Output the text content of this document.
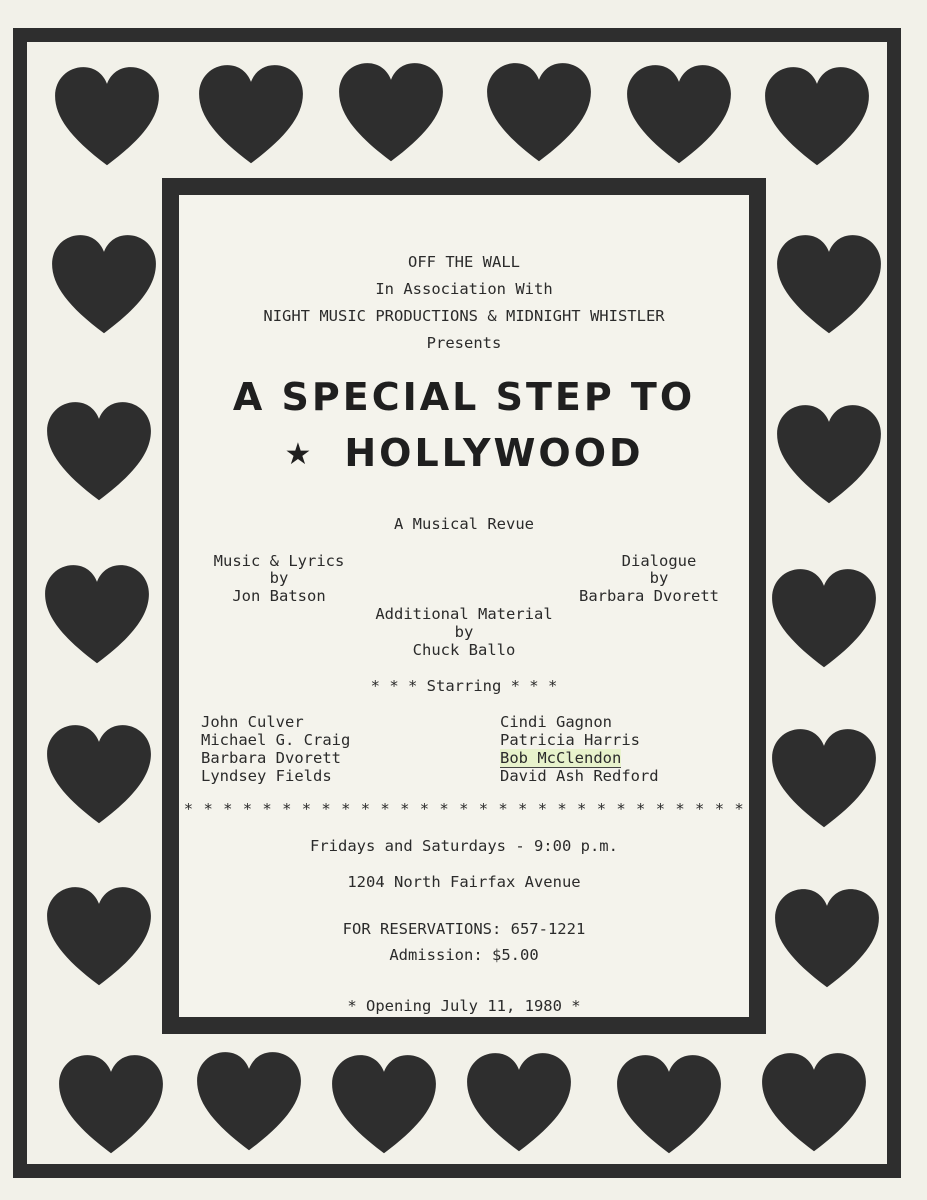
OFF THE WALL
In Association With
NIGHT MUSIC PRODUCTIONS & MIDNIGHT WHISTLER
Presents
A SPECIAL STEP TO
★ HOLLYWOOD
A Musical Revue
Music & Lyrics
by
Jon Batson
Dialogue
by
Barbara Dvorett
Additional Material
by
Chuck Ballo
* * * Starring * * *
John Culver
Michael G. Craig
Barbara Dvorett
Lyndsey Fields
Cindi Gagnon
Patricia Harris
Bob McClendon
David Ash Redford
* * * * * * * * * * * * * * * * * * * * * * * * * * * * *
Fridays and Saturdays - 9:00 p.m.
1204 North Fairfax Avenue
FOR RESERVATIONS: 657-1221
Admission: $5.00
* Opening July 11, 1980 *
